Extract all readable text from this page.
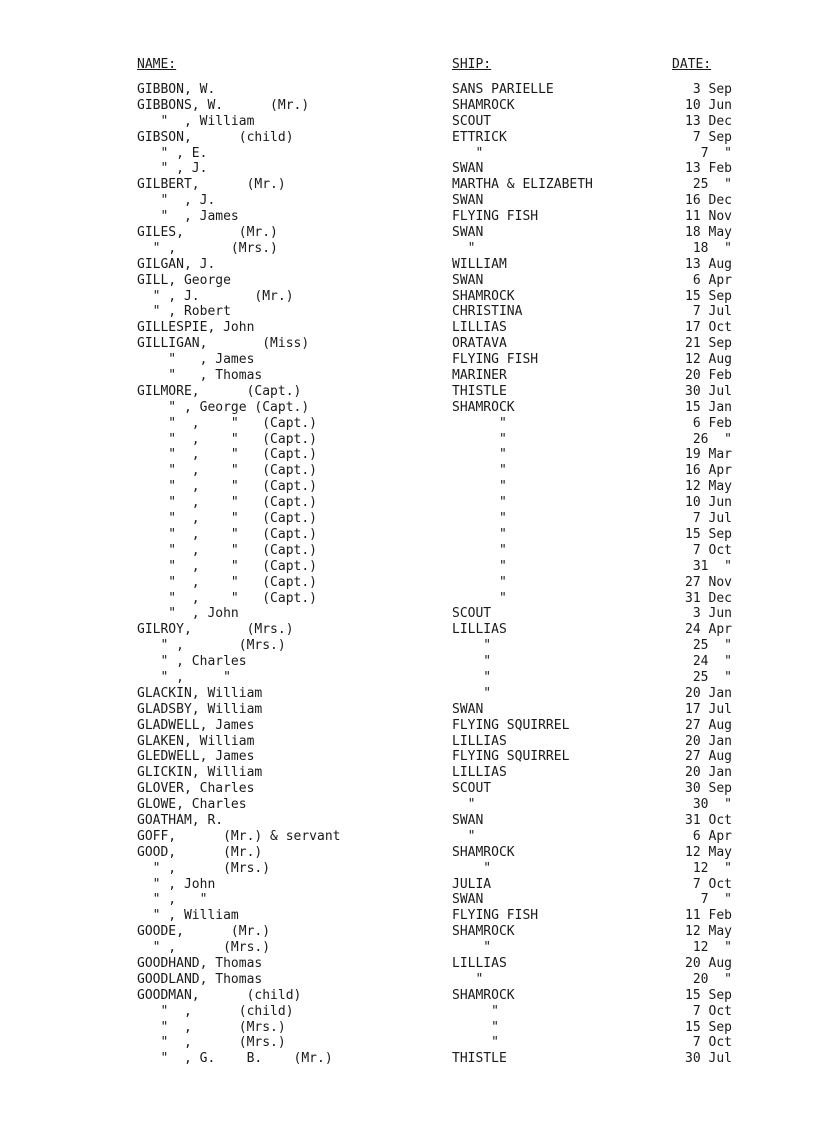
NAME:	SHIP:	DATE:
GIBBON, W.	SANS PARIELLE	3 Sep
GIBBONS, W.      (Mr.)	SHAMROCK	10 Jun
"  , William	SCOUT	13 Dec
GIBSON,      (child)	ETTRICK	7 Sep
" , E.	"	7  "
" , J.	SWAN	13 Feb
GILBERT,      (Mr.)	MARTHA & ELIZABETH	25  "
"  , J.	SWAN	16 Dec
"  , James	FLYING FISH	11 Nov
GILES,       (Mr.)	SWAN	18 May
" ,       (Mrs.)	"	18  "
GILGAN, J.	WILLIAM	13 Aug
GILL, George	SWAN	6 Apr
" , J.       (Mr.)	SHAMROCK	15 Sep
" , Robert	CHRISTINA	7 Jul
GILLESPIE, John	LILLIAS	17 Oct
GILLIGAN,       (Miss)	ORATAVA	21 Sep
"   , James	FLYING FISH	12 Aug
"   , Thomas	MARINER	20 Feb
GILMORE,      (Capt.)	THISTLE	30 Jul
" , George (Capt.)	SHAMROCK	15 Jan
"  ,    "   (Capt.)	"	6 Feb
"  ,    "   (Capt.)	"	26  "
"  ,    "   (Capt.)	"	19 Mar
"  ,    "   (Capt.)	"	16 Apr
"  ,    "   (Capt.)	"	12 May
"  ,    "   (Capt.)	"	10 Jun
"  ,    "   (Capt.)	"	7 Jul
"  ,    "   (Capt.)	"	15 Sep
"  ,    "   (Capt.)	"	7 Oct
"  ,    "   (Capt.)	"	31  "
"  ,    "   (Capt.)	"	27 Nov
"  ,    "   (Capt.)	"	31 Dec
"  , John	SCOUT	3 Jun
GILROY,       (Mrs.)	LILLIAS	24 Apr
" ,       (Mrs.)	"	25  "
" , Charles	"	24  "
" ,     "	"	25  "
GLACKIN, William	"	20 Jan
GLADSBY, William	SWAN	17 Jul
GLADWELL, James	FLYING SQUIRREL	27 Aug
GLAKEN, William	LILLIAS	20 Jan
GLEDWELL, James	FLYING SQUIRREL	27 Aug
GLICKIN, William	LILLIAS	20 Jan
GLOVER, Charles	SCOUT	30 Sep
GLOWE, Charles	"	30  "
GOATHAM, R.	SWAN	31 Oct
GOFF,      (Mr.) & servant	"	6 Apr
GOOD,      (Mr.)	SHAMROCK	12 May
" ,      (Mrs.)	"	12  "
" , John	JULIA	7 Oct
" ,   "	SWAN	7  "
" , William	FLYING FISH	11 Feb
GOODE,      (Mr.)	SHAMROCK	12 May
" ,      (Mrs.)	"	12  "
GOODHAND, Thomas	LILLIAS	20 Aug
GOODLAND, Thomas	"	20  "
GOODMAN,      (child)	SHAMROCK	15 Sep
"  ,      (child)	"	7 Oct
"  ,      (Mrs.)	"	15 Sep
"  ,      (Mrs.)	"	7 Oct
"  , G.    B.    (Mr.)	THISTLE	30 Jul
